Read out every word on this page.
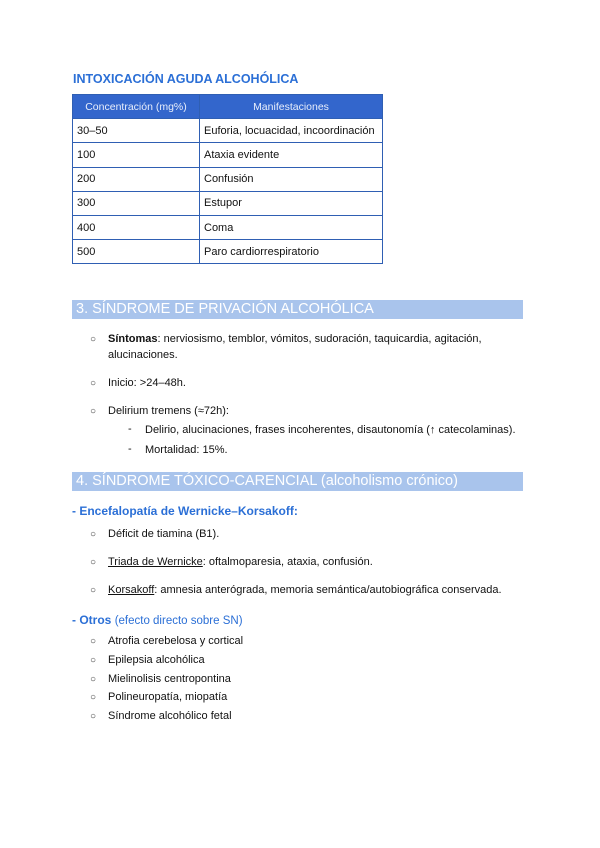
INTOXICACIÓN AGUDA ALCOHÓLICA
Concentración (mg%)	Manifestaciones
30–50	Euforia, locuacidad, incoordinación
100	Ataxia evidente
200	Confusión
300	Estupor
400	Coma
500	Paro cardiorrespiratorio
3. SÍNDROME DE PRIVACIÓN ALCOHÓLICA
○ Síntomas: nerviosismo, temblor, vómitos, sudoración, taquicardia, agitación,
alucinaciones.
○ Inicio: >24–48h.
○ Delirium tremens (≈72h):
- Delirio, alucinaciones, frases incoherentes, disautonomía (↑ catecolaminas).
- Mortalidad: 15%.
4. SÍNDROME TÓXICO-CARENCIAL (alcoholismo crónico)
- Encefalopatía de Wernicke–Korsakoff:
○ Déficit de tiamina (B1).
○ Triada de Wernicke: oftalmoparesia, ataxia, confusión.
○ Korsakoff: amnesia anterógrada, memoria semántica/autobiográfica conservada.
- Otros (efecto directo sobre SN)
○ Atrofia cerebelosa y cortical
○ Epilepsia alcohólica
○ Mielinolisis centropontina
○ Polineuropatía, miopatía
○ Síndrome alcohólico fetal
